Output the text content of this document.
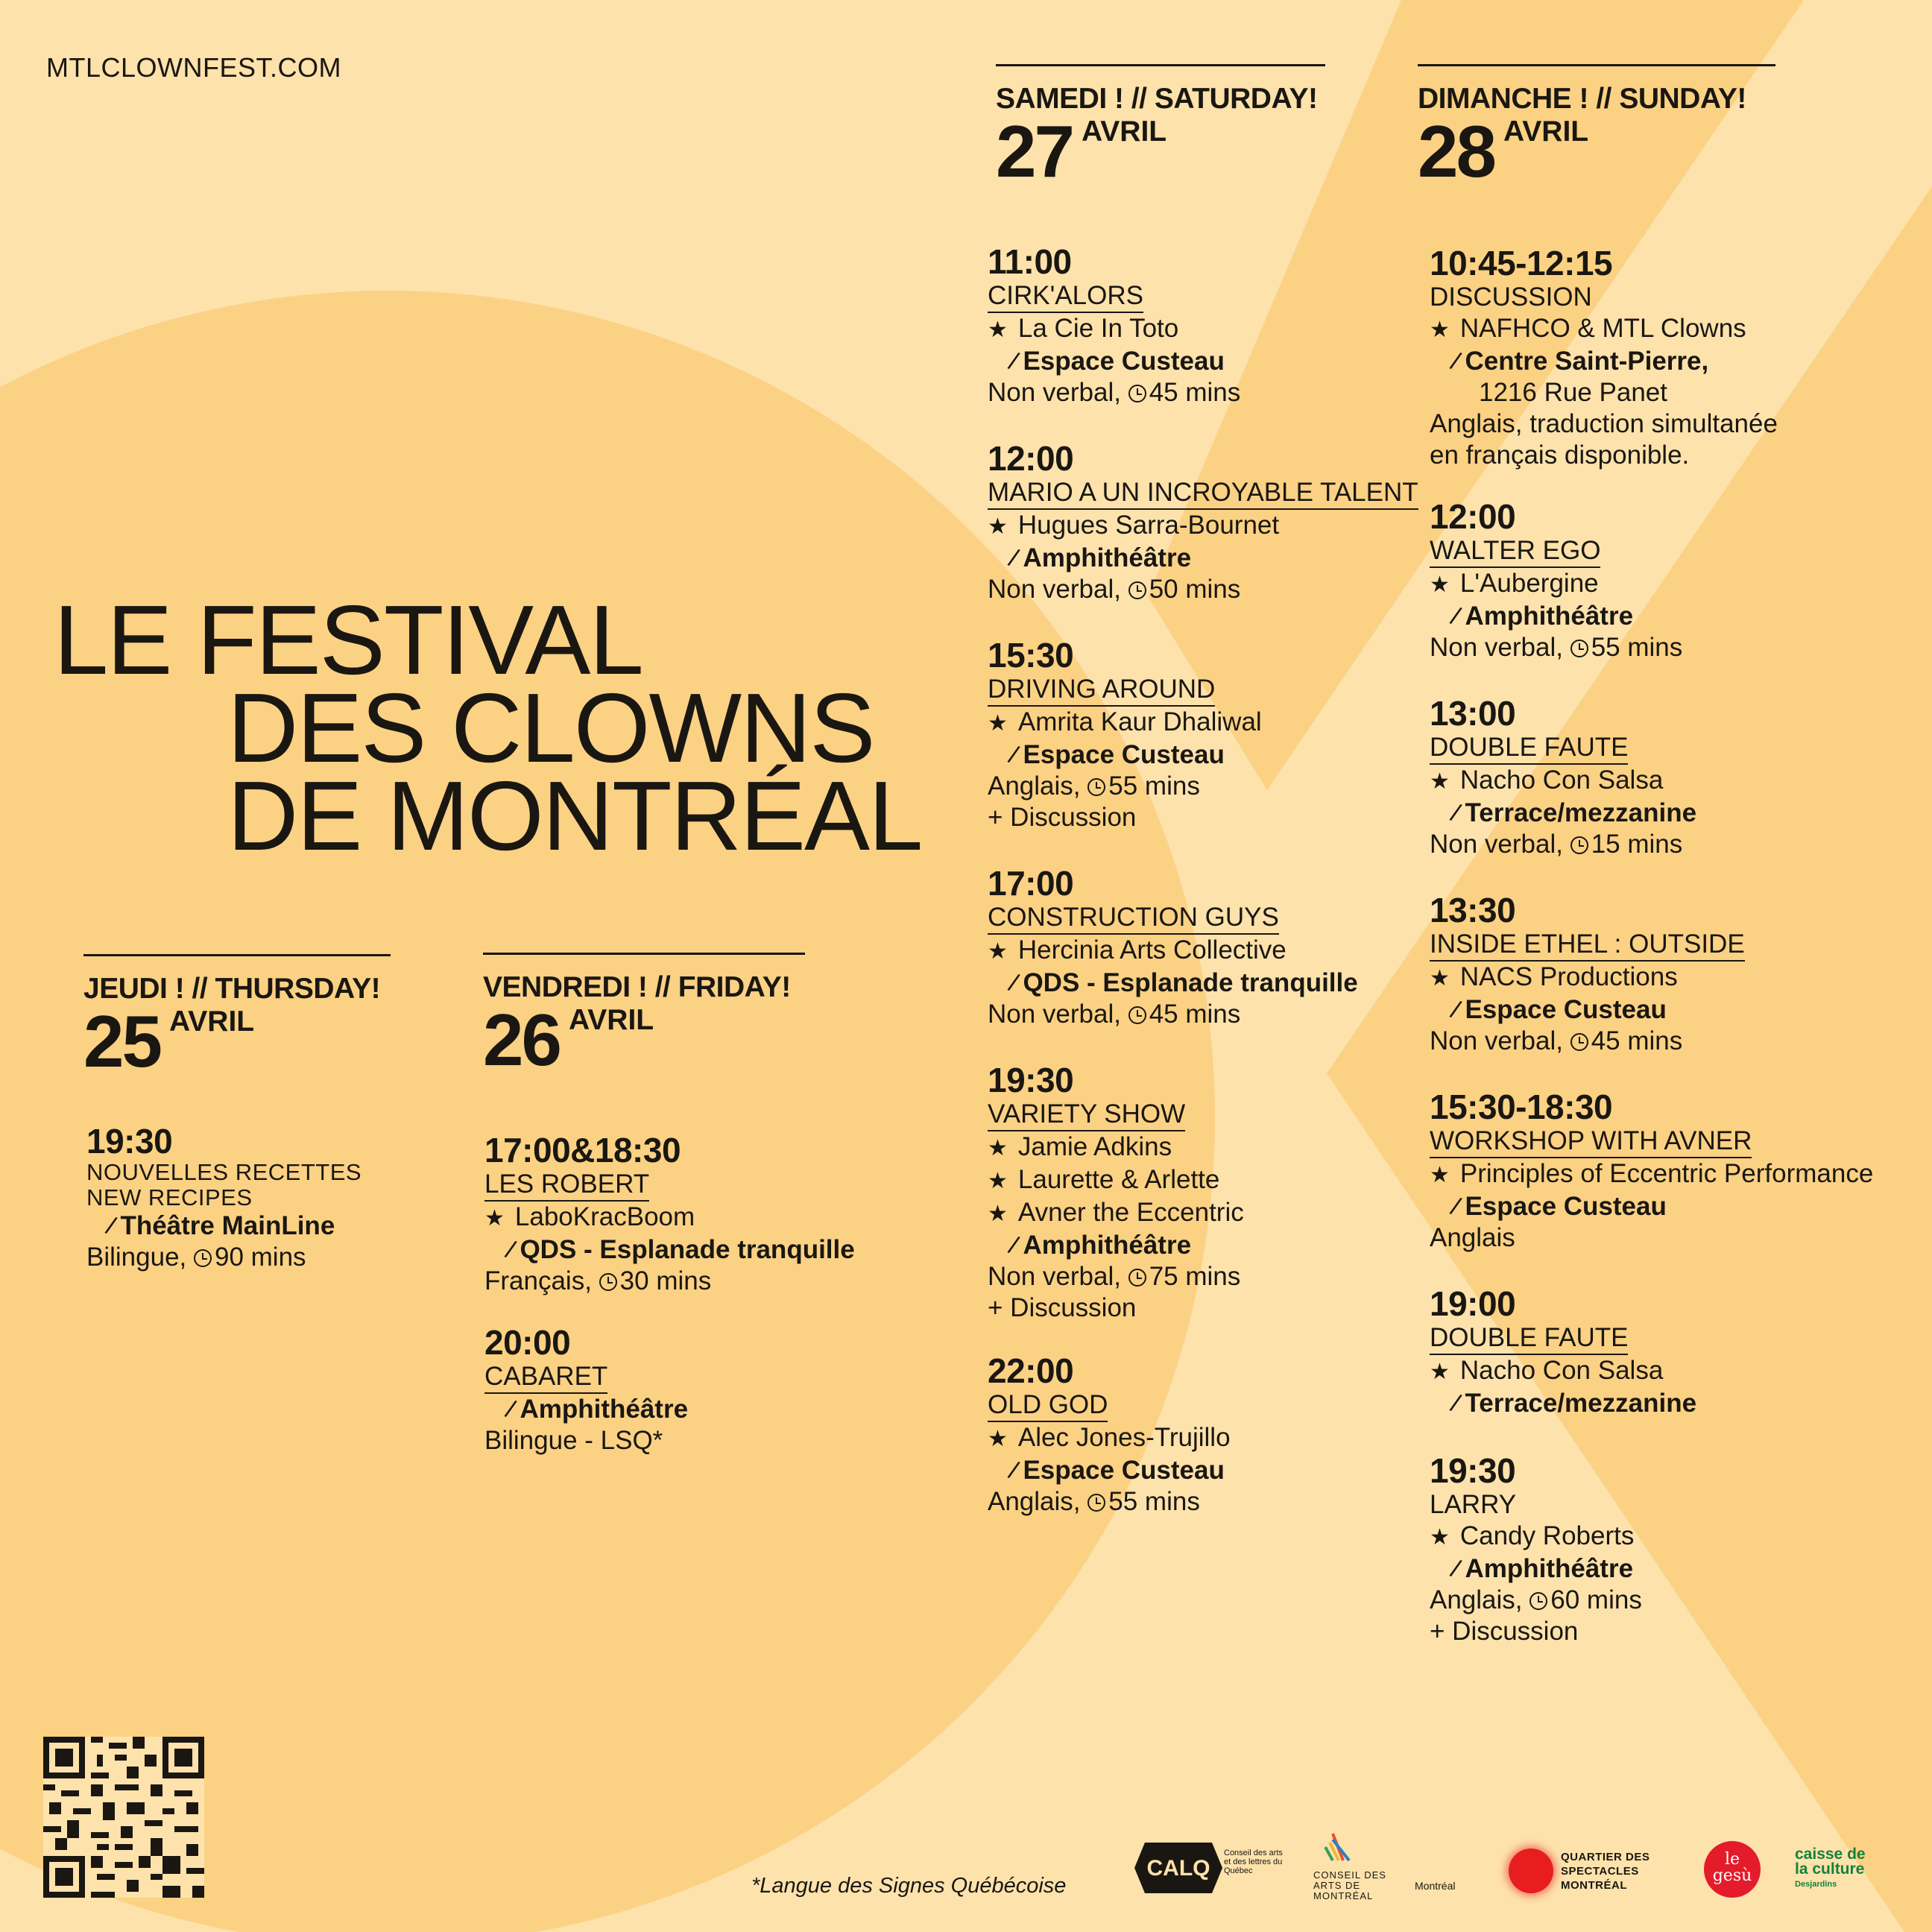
MTLCLOWNFEST.COM
LE FESTIVAL
DES CLOWNS
DE MONTRÉAL
JEUDI ! // THURSDAY!
25 AVRIL
19:30
NOUVELLES RECETTES
NEW RECIPES
/Théâtre MainLine
Bilingue, 90 mins
VENDREDI ! // FRIDAY!
26 AVRIL
17:00&18:30
LES ROBERT
★ LaboKracBoom
/QDS - Esplanade tranquille
Français, 30 mins
20:00
CABARET
/Amphithéâtre
Bilingue - LSQ*
SAMEDI ! // SATURDAY!
27 AVRIL
11:00
CIRK'ALORS
★ La Cie In Toto
/Espace Custeau
Non verbal, 45 mins
12:00
MARIO A UN INCROYABLE TALENT
★ Hugues Sarra-Bournet
/Amphithéâtre
Non verbal, 50 mins
15:30
DRIVING AROUND
★ Amrita Kaur Dhaliwal
/Espace Custeau
Anglais, 55 mins
+ Discussion
17:00
CONSTRUCTION GUYS
★ Hercinia Arts Collective
/QDS - Esplanade tranquille
Non verbal, 45 mins
19:30
VARIETY SHOW
★ Jamie Adkins
★ Laurette & Arlette
★ Avner the Eccentric
/Amphithéâtre
Non verbal, 75 mins
+ Discussion
22:00
OLD GOD
★ Alec Jones-Trujillo
/Espace Custeau
Anglais, 55 mins
DIMANCHE ! // SUNDAY!
28 AVRIL
10:45-12:15
DISCUSSION
★ NAFHCO & MTL Clowns
/Centre Saint-Pierre,
1216 Rue Panet
Anglais, traduction simultanée
en français disponible.
12:00
WALTER EGO
★ L'Aubergine
/Amphithéâtre
Non verbal, 55 mins
13:00
DOUBLE FAUTE
★ Nacho Con Salsa
/Terrace/mezzanine
Non verbal, 15 mins
13:30
INSIDE ETHEL : OUTSIDE
★ NACS Productions
/Espace Custeau
Non verbal, 45 mins
15:30-18:30
WORKSHOP WITH AVNER
★ Principles of Eccentric Performance
/Espace Custeau
Anglais
19:00
DOUBLE FAUTE
★ Nacho Con Salsa
/Terrace/mezzanine
19:30
LARRY
★ Candy Roberts
/Amphithéâtre
Anglais, 60 mins
+ Discussion
*Langue des Signes Québécoise
CALQ
Conseil des arts et des lettres du Québec	CONSEIL DES ARTS DE MONTRÉAL
Montréal
QUARTIER DES SPECTACLES MONTRÉAL
le gesù
caisse de
la culture
Desjardins
